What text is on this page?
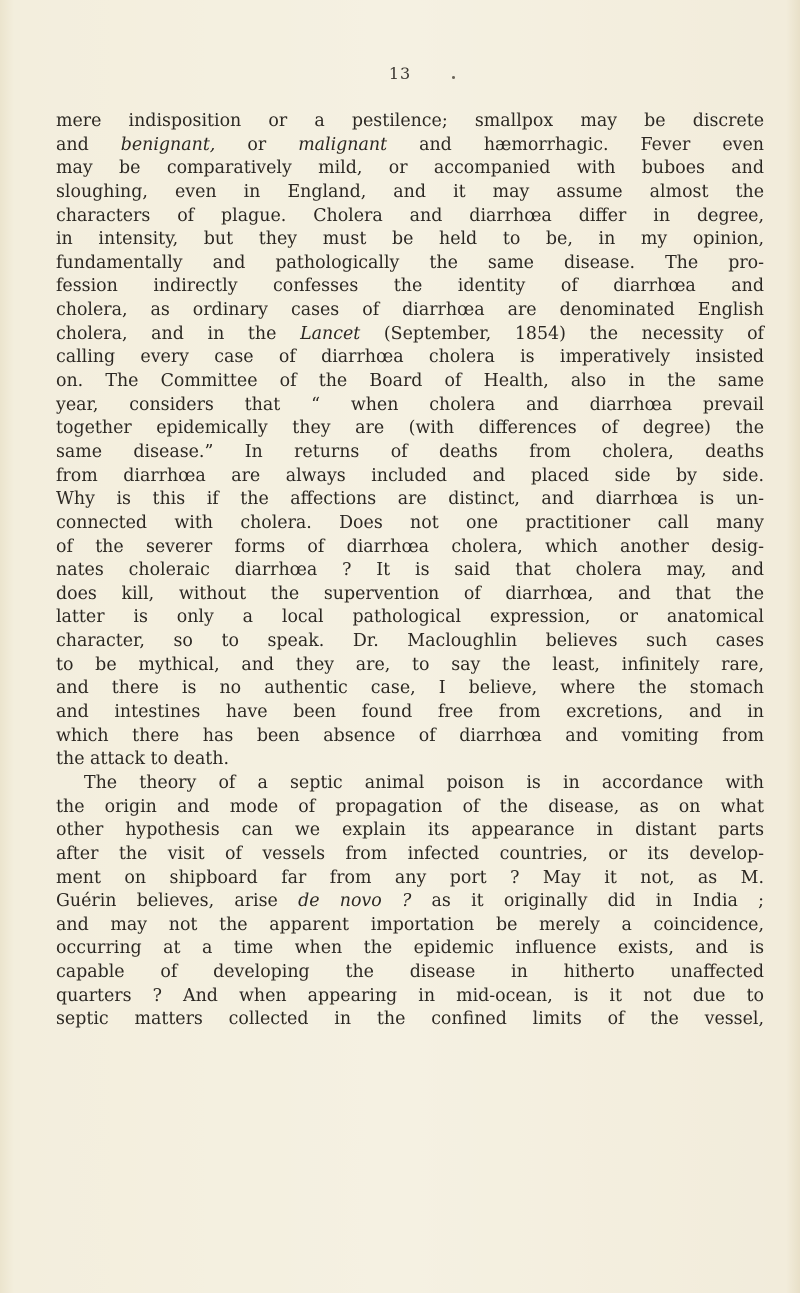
13
mere indisposition or a pestilence; smallpox may be discrete
and benignant, or malignant and hæmorrhagic. Fever even
may be comparatively mild, or accompanied with buboes and
sloughing, even in England, and it may assume almost the
characters of plague. Cholera and diarrhœa differ in degree,
in intensity, but they must be held to be, in my opinion,
fundamentally and pathologically the same disease. The pro-
fession indirectly confesses the identity of diarrhœa and
cholera, as ordinary cases of diarrhœa are denominated English
cholera, and in the Lancet (September, 1854) the necessity of
calling every case of diarrhœa cholera is imperatively insisted
on. The Committee of the Board of Health, also in the same
year, considers that “ when cholera and diarrhœa prevail
together epidemically they are (with differences of degree) the
same disease.” In returns of deaths from cholera, deaths
from diarrhœa are always included and placed side by side.
Why is this if the affections are distinct, and diarrhœa is un-
connected with cholera. Does not one practitioner call many
of the severer forms of diarrhœa cholera, which another desig-
nates choleraic diarrhœa ? It is said that cholera may, and
does kill, without the supervention of diarrhœa, and that the
latter is only a local pathological expression, or anatomical
character, so to speak. Dr. Macloughlin believes such cases
to be mythical, and they are, to say the least, infinitely rare,
and there is no authentic case, I believe, where the stomach
and intestines have been found free from excretions, and in
which there has been absence of diarrhœa and vomiting from
the attack to death.
The theory of a septic animal poison is in accordance with
the origin and mode of propagation of the disease, as on what
other hypothesis can we explain its appearance in distant parts
after the visit of vessels from infected countries, or its develop-
ment on shipboard far from any port ? May it not, as M.
Guérin believes, arise de novo ? as it originally did in India ;
and may not the apparent importation be merely a coincidence,
occurring at a time when the epidemic influence exists, and is
capable of developing the disease in hitherto unaffected
quarters ? And when appearing in mid-ocean, is it not due to
septic matters collected in the confined limits of the vessel,
